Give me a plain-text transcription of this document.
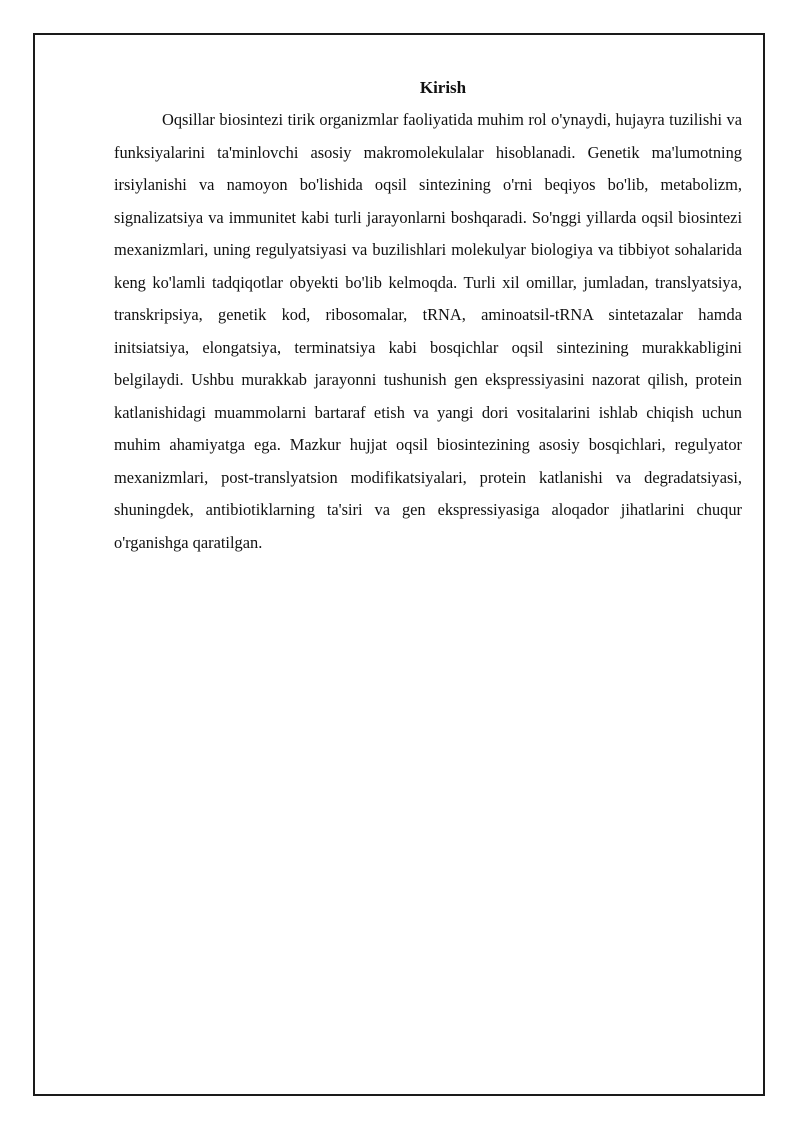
Kirish

Oqsillar biosintezi tirik organizmlar faoliyatida muhim rol o'ynaydi, hujayra tuzilishi va funksiyalarini ta'minlovchi asosiy makromolekulalar hisoblanadi. Genetik ma'lumotning irsiylanishi va namoyon bo'lishida oqsil sintezining o'rni beqiyos bo'lib, metabolizm, signalizatsiya va immunitet kabi turli jarayonlarni boshqaradi. So'nggi yillarda oqsil biosintezi mexanizmlari, uning regulyatsiyasi va buzilishlari molekulyar biologiya va tibbiyot sohalarida keng ko'lamli tadqiqotlar obyekti bo'lib kelmoqda. Turli xil omillar, jumladan, translyatsiya, transkripsiya, genetik kod, ribosomalar, tRNA, aminoatsil-tRNA sintetazalar hamda initsiatsiya, elongatsiya, terminatsiya kabi bosqichlar oqsil sintezining murakkabligini belgilaydi. Ushbu murakkab jarayonni tushunish gen ekspressiyasini nazorat qilish, protein katlanishidagi muammolarni bartaraf etish va yangi dori vositalarini ishlab chiqish uchun muhim ahamiyatga ega. Mazkur hujjat oqsil biosintezining asosiy bosqichlari, regulyator mexanizmlari, post-translyatsion modifikatsiyalari, protein katlanishi va degradatsiyasi, shuningdek, antibiotiklarning ta'siri va gen ekspressiyasiga aloqador jihatlarini chuqur o'rganishga qaratilgan.
